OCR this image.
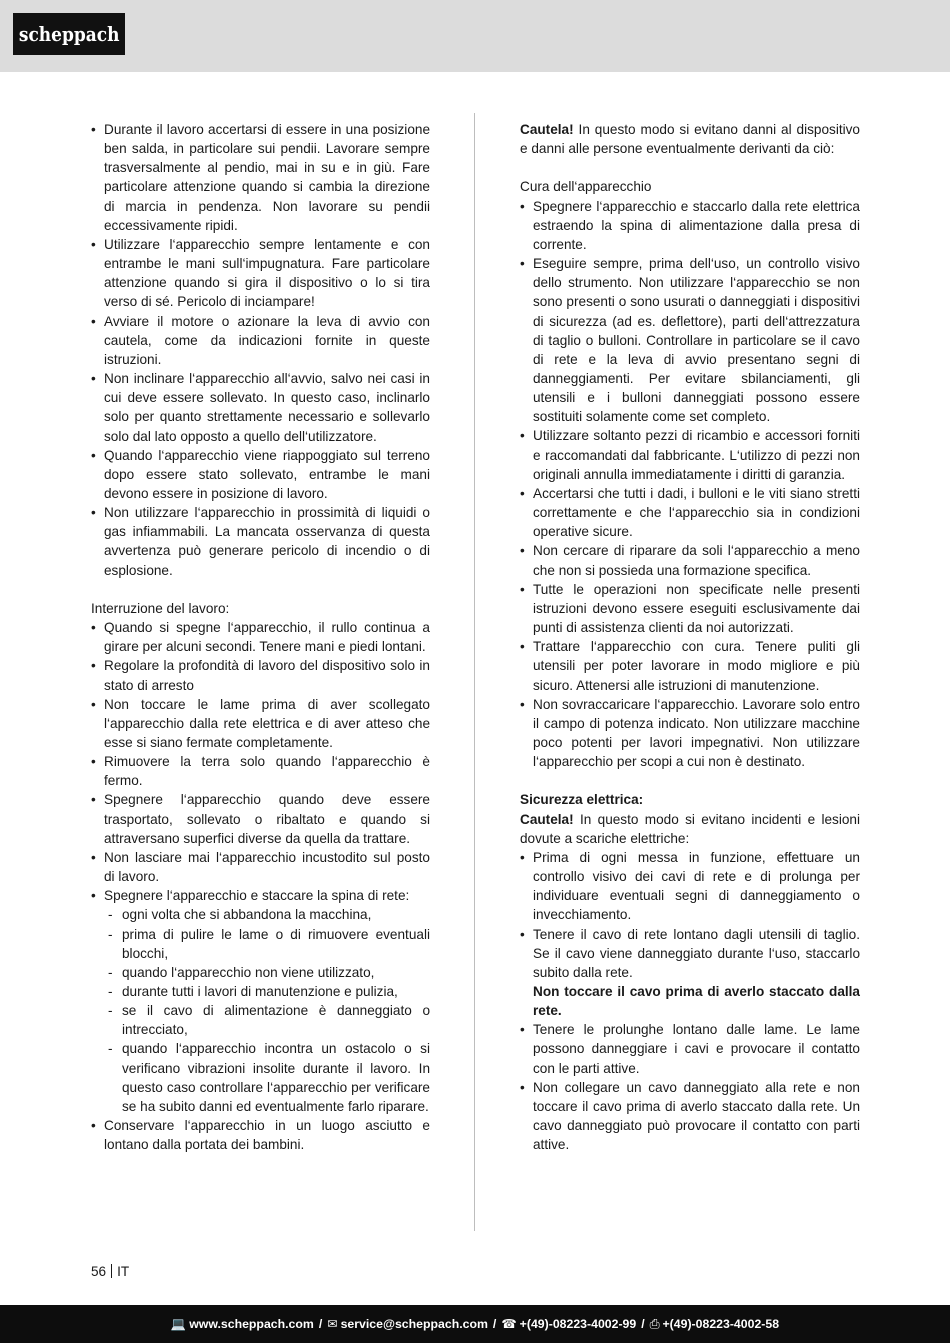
scheppach
• Durante il lavoro accertarsi di essere in una posizione ben salda, in particolare sui pendii. Lavorare sempre trasversalmente al pendio, mai in su e in giù. Fare particolare attenzione quando si cambia la direzione di marcia in pendenza. Non lavorare su pendii eccessivamente ripidi.
• Utilizzare l‘apparecchio sempre lentamente e con entrambe le mani sull‘impugnatura. Fare particolare attenzione quando si gira il dispositivo o lo si tira verso di sé. Pericolo di inciampare!
• Avviare il motore o azionare la leva di avvio con cautela, come da indicazioni fornite in queste istruzioni.
• Non inclinare l‘apparecchio all‘avvio, salvo nei casi in cui deve essere sollevato. In questo caso, inclinarlo solo per quanto strettamente necessario e sollevarlo solo dal lato opposto a quello dell‘utilizzatore.
• Quando l‘apparecchio viene riappoggiato sul terreno dopo essere stato sollevato, entrambe le mani devono essere in posizione di lavoro.
• Non utilizzare l‘apparecchio in prossimità di liquidi o gas infiammabili. La mancata osservanza di questa avvertenza può generare pericolo di incendio o di esplosione.

Interruzione del lavoro:

• Quando si spegne l‘apparecchio, il rullo continua a girare per alcuni secondi. Tenere mani e piedi lontani.
• Regolare la profondità di lavoro del dispositivo solo in stato di arresto
• Non toccare le lame prima di aver scollegato l‘apparecchio dalla rete elettrica e di aver atteso che esse si siano fermate completamente.
• Rimuovere la terra solo quando l‘apparecchio è fermo.
• Spegnere l‘apparecchio quando deve essere trasportato, sollevato o ribaltato e quando si attraversano superfici diverse da quella da trattare.
• Non lasciare mai l‘apparecchio incustodito sul posto di lavoro.
• Spegnere l‘apparecchio e staccare la spina di rete:
- ogni volta che si abbandona la macchina,
- prima di pulire le lame o di rimuovere eventuali blocchi,
- quando l‘apparecchio non viene utilizzato,
- durante tutti i lavori di manutenzione e pulizia,
- se il cavo di alimentazione è danneggiato o intrecciato,
- quando l‘apparecchio incontra un ostacolo o si verificano vibrazioni insolite durante il lavoro. In questo caso controllare l‘apparecchio per verificare se ha subito danni ed eventualmente farlo riparare.
• Conservare l‘apparecchio in un luogo asciutto e lontano dalla portata dei bambini.

Cautela! In questo modo si evitano danni al dispositivo e danni alle persone eventualmente derivanti da ciò:

Cura dell‘apparecchio

• Spegnere l‘apparecchio e staccarlo dalla rete elettrica estraendo la spina di alimentazione dalla presa di corrente.
• Eseguire sempre, prima dell‘uso, un controllo visivo dello strumento. Non utilizzare l‘apparecchio se non sono presenti o sono usurati o danneggiati i dispositivi di sicurezza (ad es. deflettore), parti dell‘attrezzatura di taglio o bulloni. Controllare in particolare se il cavo di rete e la leva di avvio presentano segni di danneggiamenti. Per evitare sbilanciamenti, gli utensili e i bulloni danneggiati possono essere sostituiti solamente come set completo.
• Utilizzare soltanto pezzi di ricambio e accessori forniti e raccomandati dal fabbricante. L‘utilizzo di pezzi non originali annulla immediatamente i diritti di garanzia.
• Accertarsi che tutti i dadi, i bulloni e le viti siano stretti correttamente e che l‘apparecchio sia in condizioni operative sicure.
• Non cercare di riparare da soli l‘apparecchio a meno che non si possieda una formazione specifica.
• Tutte le operazioni non specificate nelle presenti istruzioni devono essere eseguiti esclusivamente dai punti di assistenza clienti da noi autorizzati.
• Trattare l‘apparecchio con cura. Tenere puliti gli utensili per poter lavorare in modo migliore e più sicuro. Attenersi alle istruzioni di manutenzione.
• Non sovraccaricare l‘apparecchio. Lavorare solo entro il campo di potenza indicato. Non utilizzare macchine poco potenti per lavori impegnativi. Non utilizzare l‘apparecchio per scopi a cui non è destinato.

Sicurezza elettrica:

Cautela! In questo modo si evitano incidenti e lesioni dovute a scariche elettriche:

• Prima di ogni messa in funzione, effettuare un controllo visivo dei cavi di rete e di prolunga per individuare eventuali segni di danneggiamento o invecchiamento.
• Tenere il cavo di rete lontano dagli utensili di taglio. Se il cavo viene danneggiato durante l‘uso, staccarlo subito dalla rete.
Non toccare il cavo prima di averlo staccato dalla rete.
• Tenere le prolunghe lontano dalle lame. Le lame possono danneggiare i cavi e provocare il contatto con le parti attive.
• Non collegare un cavo danneggiato alla rete e non toccare il cavo prima di averlo staccato dalla rete. Un cavo danneggiato può provocare il contatto con parti attive.
56 IT
💻 www.scheppach.com / ✉ service@scheppach.com / ☎ +(49)-08223-4002-99 / ⎙ +(49)-08223-4002-58
